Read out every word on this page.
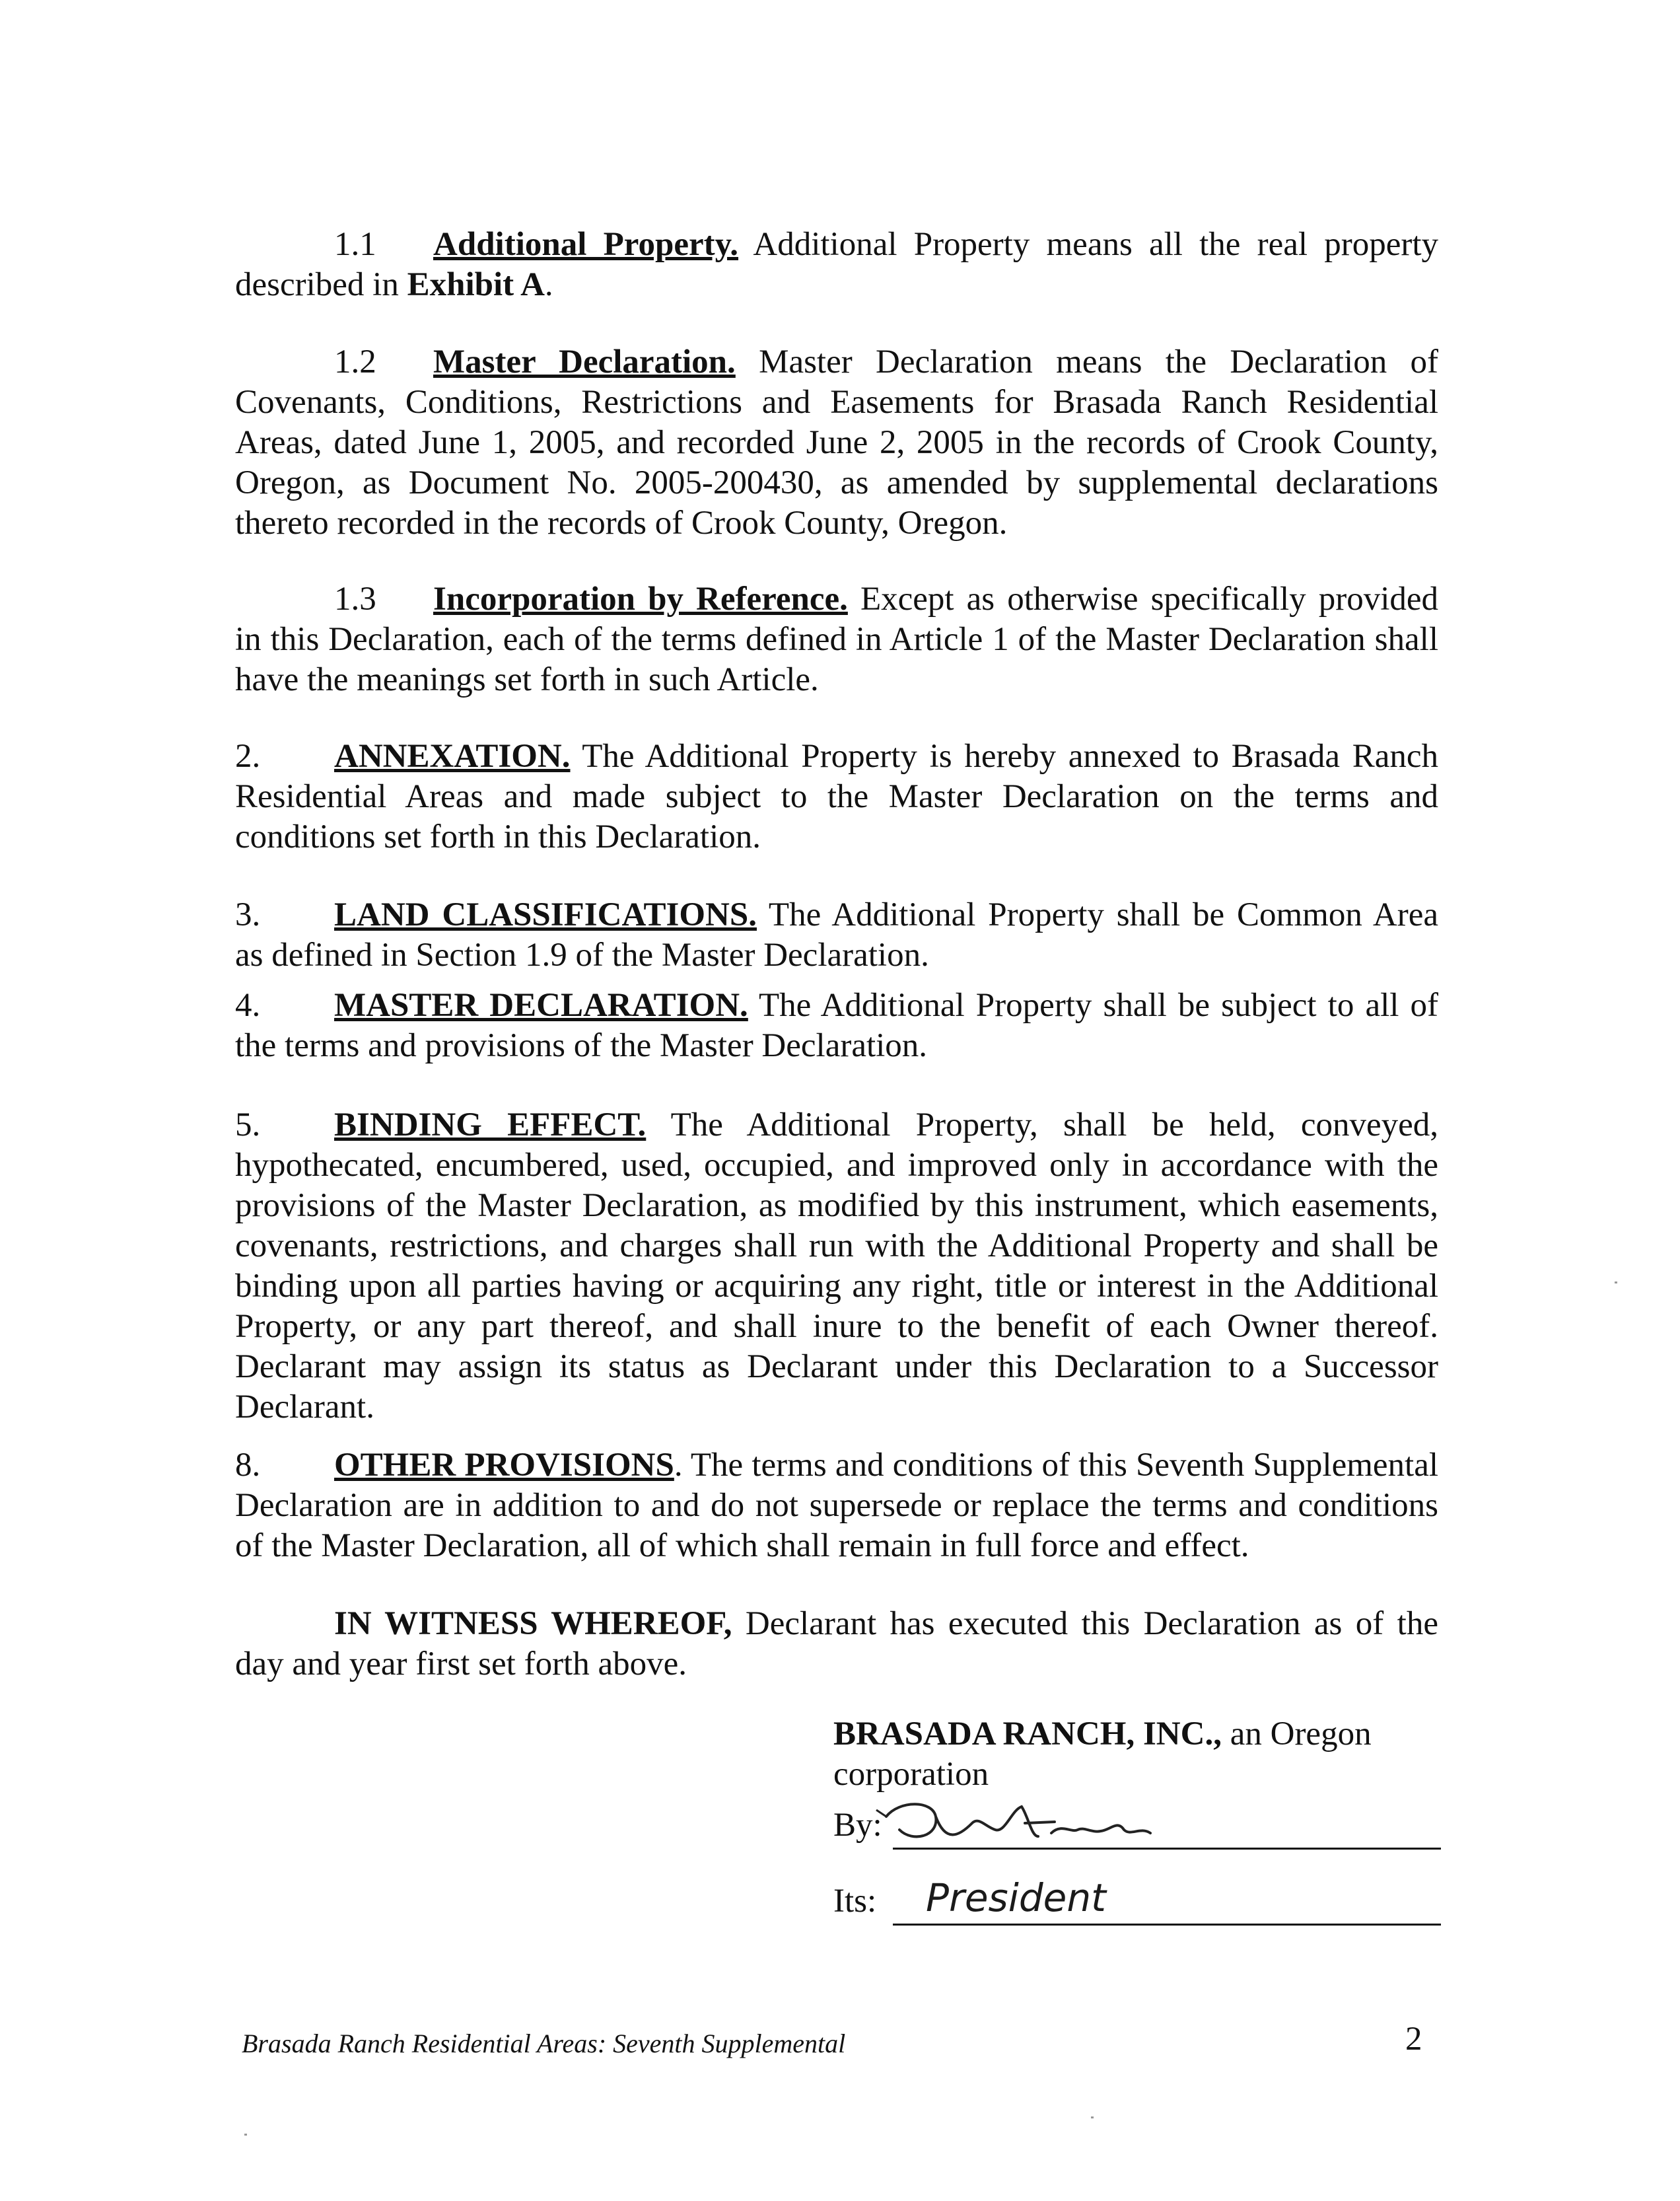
1.1 Additional Property. Additional Property means all the real property described in Exhibit A.

1.2 Master Declaration. Master Declaration means the Declaration of Covenants, Conditions, Restrictions and Easements for Brasada Ranch Residential Areas, dated June 1, 2005, and recorded June 2, 2005 in the records of Crook County, Oregon, as Document No. 2005-200430, as amended by supplemental declarations thereto recorded in the records of Crook County, Oregon.

1.3 Incorporation by Reference. Except as otherwise specifically provided in this Declaration, each of the terms defined in Article 1 of the Master Declaration shall have the meanings set forth in such Article.

2. ANNEXATION. The Additional Property is hereby annexed to Brasada Ranch Residential Areas and made subject to the Master Declaration on the terms and conditions set forth in this Declaration.

3. LAND CLASSIFICATIONS. The Additional Property shall be Common Area as defined in Section 1.9 of the Master Declaration.

4. MASTER DECLARATION. The Additional Property shall be subject to all of the terms and provisions of the Master Declaration.

5. BINDING EFFECT. The Additional Property, shall be held, conveyed, hypothecated, encumbered, used, occupied, and improved only in accordance with the provisions of the Master Declaration, as modified by this instrument, which easements, covenants, restrictions, and charges shall run with the Additional Property and shall be binding upon all parties having or acquiring any right, title or interest in the Additional Property, or any part thereof, and shall inure to the benefit of each Owner thereof. Declarant may assign its status as Declarant under this Declaration to a Successor Declarant.

8. OTHER PROVISIONS. The terms and conditions of this Seventh Supplemental Declaration are in addition to and do not supersede or replace the terms and conditions of the Master Declaration, all of which shall remain in full force and effect.

IN WITNESS WHEREOF, Declarant has executed this Declaration as of the day and year first set forth above.

BRASADA RANCH, INC., an Oregon corporation
By:
Its: President
Brasada Ranch Residential Areas: Seventh Supplemental	2
